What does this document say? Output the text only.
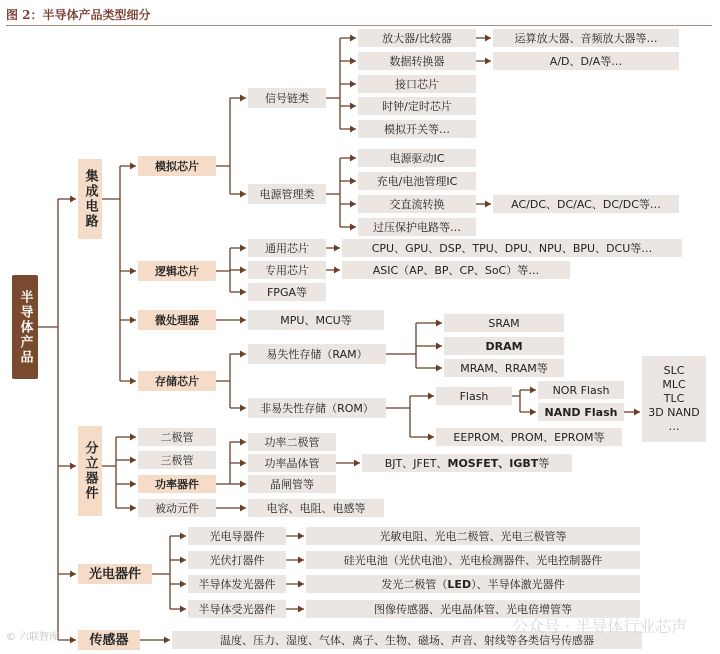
图 2：半导体产品类型细分
半导体产品
集成电路
分立器件
光电器件
传感器
模拟芯片
逻辑芯片
微处理器
存储芯片
信号链类
电源管理类
放大器/比较器	运算放大器、音频放大器等…
数据转换器	A/D、D/A等…
接口芯片
时钟/定时芯片
模拟开关等…
电源驱动IC
充电/电池管理IC
交直流转换	AC/DC、DC/AC、DC/DC等…
过压保护电路等…
通用芯片	CPU、GPU、DSP、TPU、DPU、NPU、BPU、DCU等…
专用芯片	ASIC（AP、BP、CP、SoC）等…
FPGA等
MPU、MCU等
易失性存储（RAM）
非易失性存储（ROM）
SRAM
DRAM
MRAM、RRAM等
Flash	NOR Flash
NAND Flash
SLC
MLC
TLC
3D NAND
…
EEPROM、PROM、EPROM等
二极管
三极管
功率器件
被动元件
功率二极管
功率晶体管
晶闸管等
BJT、JFET、 MOSFET、IGBT 等
电容、电阻、电感等
光电导器件	光敏电阻、光电二极管、光电三极管等
光伏打器件	硅光电池（光伏电池）、光电检测器件、光电控制器件
半导体发光器件	发光二极管（ LED ）、半导体激光器件
半导体受光器件	图像传感器、光电晶体管、光电倍增管等
温度、压力、湿度、气体、离子、生物、磁场、声音、射线等各类信号传感器
© 六联智库
公众号 · 半导体行业芯声
